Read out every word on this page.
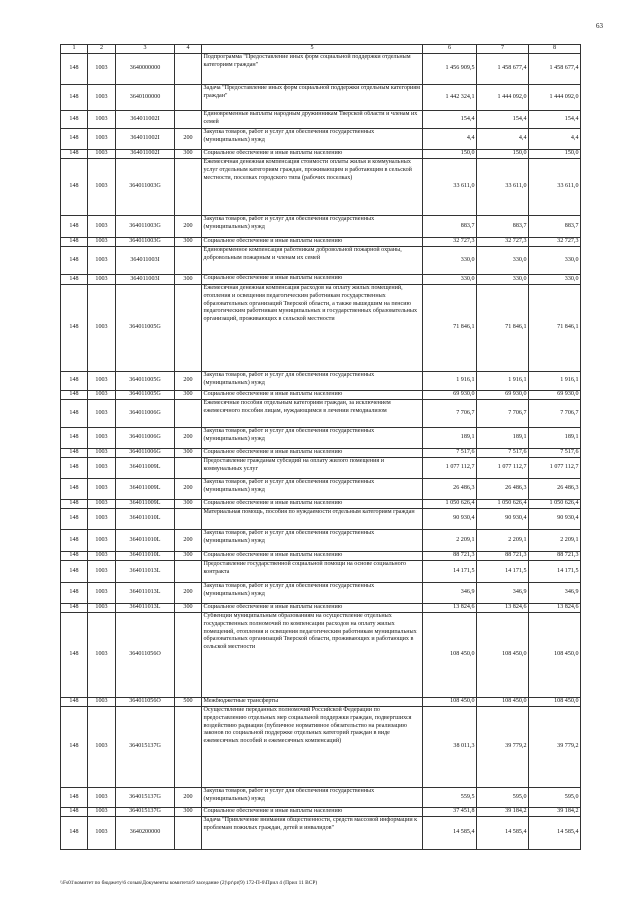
63
1	2	3	4	5	6	7	8
148	1003	3640000000		Подпрограмма "Предоставление иных форм социальной поддержки отдельным категориям граждан"	1 456 909,5	1 458 677,4	1 458 677,4
148	1003	3640100000		Задача "Предоставление иных форм социальной поддержки отдельным категориям граждан"	1 442 324,1	1 444 092,0	1 444 092,0
148	1003	364011002I		Единовременные выплаты народным дружинникам Тверской области и членам их семей	154,4	154,4	154,4
148	1003	364011002I	200	Закупка товаров, работ и услуг для обеспечения государственных (муниципальных) нужд	4,4	4,4	4,4
148	1003	364011002I	300	Социальное обеспечение и иные выплаты населению	150,0	150,0	150,0
148	1003	364011003G		Ежемесячная денежная компенсация стоимости оплаты жилья и коммунальных услуг отдельным категориям граждан, проживающим и работающим в сельской местности, поселках городского типа (рабочих поселках)	33 611,0	33 611,0	33 611,0
148	1003	364011003G	200	Закупка товаров, работ и услуг для обеспечения государственных (муниципальных) нужд	883,7	883,7	883,7
148	1003	364011003G	300	Социальное обеспечение и иные выплаты населению	32 727,3	32 727,3	32 727,3
148	1003	364011003I		Единовременное компенсация работникам добровольной пожарной охраны, добровольным пожарным и членам их семей	330,0	330,0	330,0
148	1003	364011003I	300	Социальное обеспечение и иные выплаты населению	330,0	330,0	330,0
148	1003	364011005G		Ежемесячная денежная компенсация расходов на оплату жилых помещений, отопления и освещения педагогическим работникам государственных образовательных организаций Тверской области, а также вышедшим на пенсию педагогическим работникам муниципальных и государственных образовательных организаций, проживающих в сельской местности	71 846,1	71 846,1	71 846,1
148	1003	364011005G	200	Закупка товаров, работ и услуг для обеспечения государственных (муниципальных) нужд	1 916,1	1 916,1	1 916,1
148	1003	364011005G	300	Социальное обеспечение и иные выплаты населению	69 930,0	69 930,0	69 930,0
148	1003	364011006G		Ежемесячные пособия отдельным категориям граждан, за исключением ежемесячного пособия лицам, нуждающимся в лечении гемодиализом	7 706,7	7 706,7	7 706,7
148	1003	364011006G	200	Закупка товаров, работ и услуг для обеспечения государственных (муниципальных) нужд	189,1	189,1	189,1
148	1003	364011006G	300	Социальное обеспечение и иные выплаты населению	7 517,6	7 517,6	7 517,6
148	1003	364011009L		Предоставление гражданам субсидий на оплату жилого помещения и коммунальных услуг	1 077 112,7	1 077 112,7	1 077 112,7
148	1003	364011009L	200	Закупка товаров, работ и услуг для обеспечения государственных (муниципальных) нужд	26 486,3	26 486,3	26 486,3
148	1003	364011009L	300	Социальное обеспечение и иные выплаты населению	1 050 626,4	1 050 626,4	1 050 626,4
148	1003	364011010L		Материальная помощь, пособия по нуждаемости отдельным категориям граждан	90 930,4	90 930,4	90 930,4
148	1003	364011010L	200	Закупка товаров, работ и услуг для обеспечения государственных (муниципальных) нужд	2 209,1	2 209,1	2 209,1
148	1003	364011010L	300	Социальное обеспечение и иные выплаты населению	88 721,3	88 721,3	88 721,3
148	1003	364011013L		Предоставление государственной социальной помощи на основе социального контракта	14 171,5	14 171,5	14 171,5
148	1003	364011013L	200	Закупка товаров, работ и услуг для обеспечения государственных (муниципальных) нужд	346,9	346,9	346,9
148	1003	364011013L	300	Социальное обеспечение и иные выплаты населению	13 824,6	13 824,6	13 824,6
148	1003	364011056O		Субвенции муниципальным образованиям на осуществление отдельных государственных полномочий по компенсации расходов на оплату жилых помещений, отопления и освещения педагогическим работникам муниципальных образовательных организаций Тверской области, проживающих и работающих в сельской местности	108 450,0	108 450,0	108 450,0
148	1003	364011056O	500	Межбюджетные трансферты	108 450,0	108 450,0	108 450,0
148	1003	364015137G		Осуществление переданных полномочий Российской Федерации по предоставлению отдельных мер социальной поддержки граждан, подвергшихся воздействию радиации (публичное нормативное обязательство на реализацию законов по социальной поддержке отдельных категорий граждан в виде ежемесячных пособий и ежемесячных компенсаций)	38 011,3	39 779,2	39 779,2
148	1003	364015137G	200	Закупка товаров, работ и услуг для обеспечения государственных (муниципальных) нужд	559,5	595,0	595,0
148	1003	364015137G	300	Социальное обеспечение и иные выплаты населению	37 451,8	39 184,2	39 184,2
148	1003	3640200000		Задача "Привлечение внимания общественности, средств массовой информации к проблемам пожилых граждан, детей и инвалидов"	14 585,4	14 585,4	14 585,4
\\Fs01\комитет по бюджету\6 созыв\Документы комитета\9 заседание (2)\pr\pr(9) 172-П-6\Прил 4 (Прил 11 ВСР)
